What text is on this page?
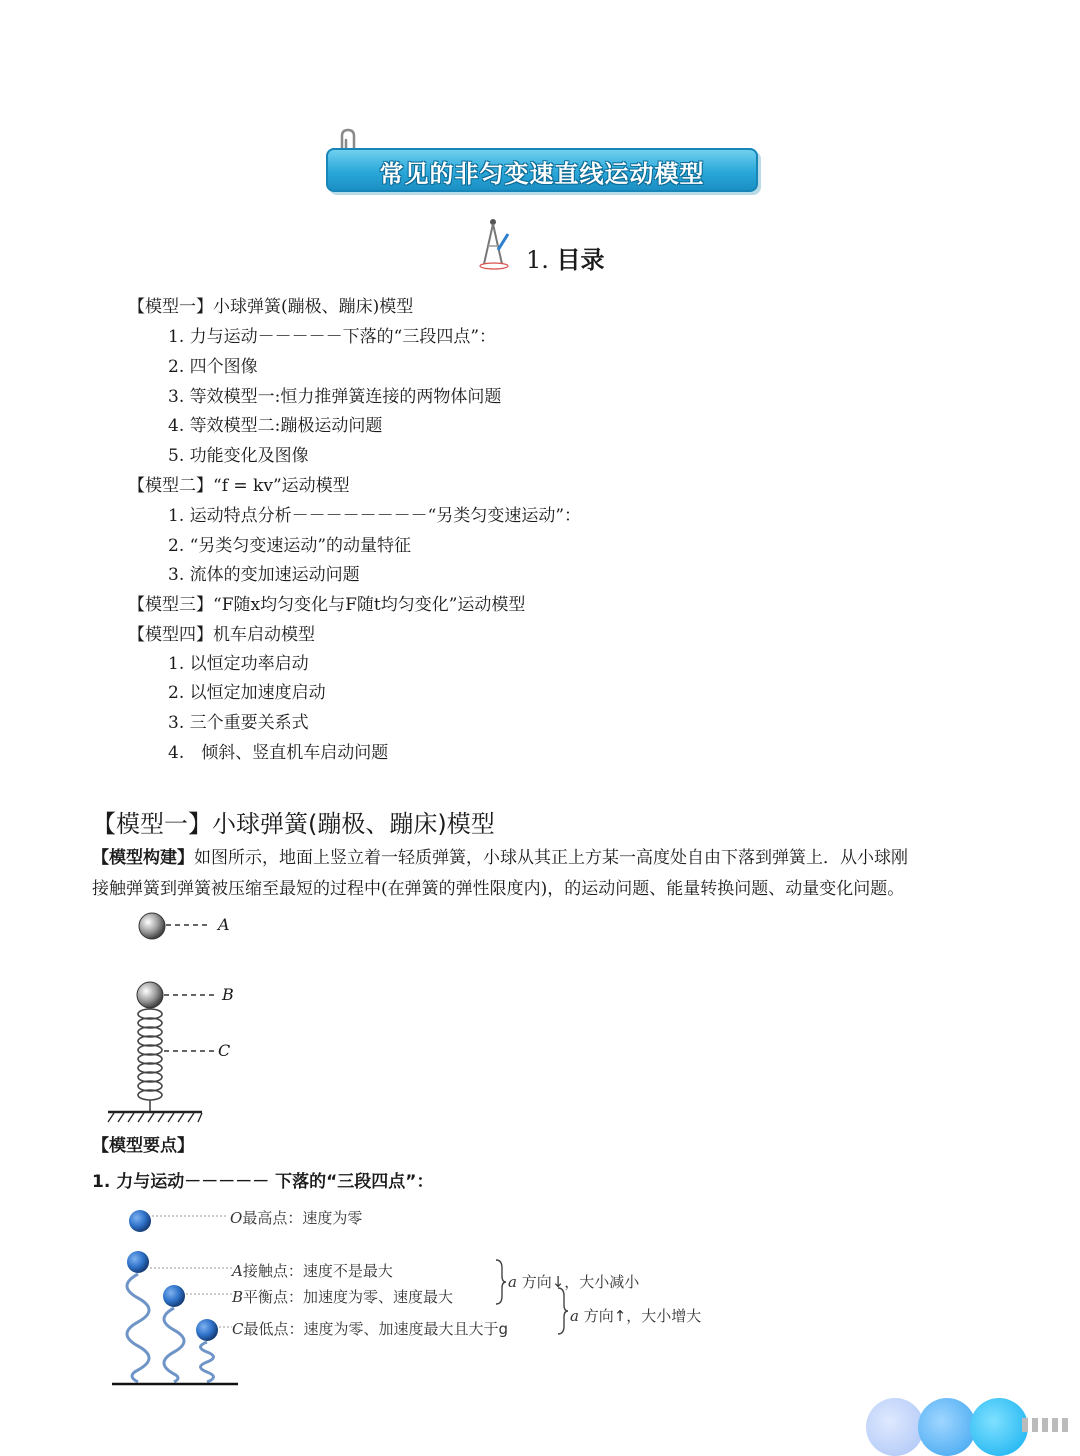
常见的非匀变速直线运动模型
1. 目录
【模型一】小球弹簧(蹦极、蹦床)模型
1. 力与运动－－－－－下落的“三段四点”：
2. 四个图像
3. 等效模型一:恒力推弹簧连接的两物体问题
4. 等效模型二:蹦极运动问题
5. 功能变化及图像
【模型二】“f = kv”运动模型
1. 运动特点分析－－－－－－－－“另类匀变速运动”：
2. “另类匀变速运动”的动量特征
3. 流体的变加速运动问题
【模型三】“F随x均匀变化与F随t均匀变化”运动模型
【模型四】机车启动模型
1. 以恒定功率启动
2. 以恒定加速度启动
3. 三个重要关系式
4.　倾斜、竖直机车启动问题
【模型一】小球弹簧(蹦极、蹦床)模型
【模型构建】如图所示，地面上竖立着一轻质弹簧，小球从其正上方某一高度处自由下落到弹簧上．从小球刚
接触弹簧到弹簧被压缩至最短的过程中(在弹簧的弹性限度内)，的运动问题、能量转换问题、动量变化问题。
A
B
C
【模型要点】
1. 力与运动－－－－－ 下落的“三段四点”：
O最高点：速度为零
A接触点：速度不是最大
B平衡点：加速度为零、速度最大
C最低点：速度为零、加速度最大且大于g
a 方向↓，大小减小
a 方向↑，大小增大
